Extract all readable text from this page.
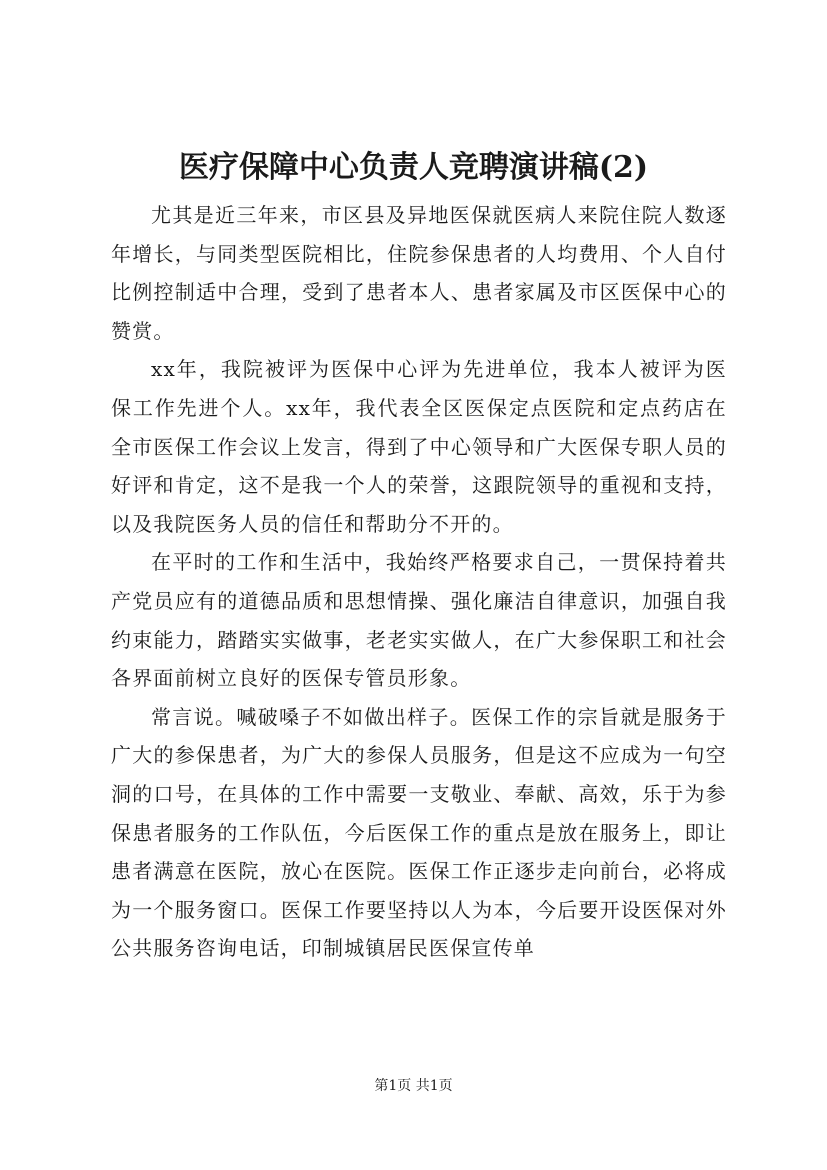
医疗保障中心负责人竞聘演讲稿(2)

尤其是近三年来，市区县及异地医保就医病人来院住院人数逐年增长，与同类型医院相比，住院参保患者的人均费用、个人自付比例控制适中合理，受到了患者本人、患者家属及市区医保中心的赞赏。

xx年，我院被评为医保中心评为先进单位，我本人被评为医保工作先进个人。xx年，我代表全区医保定点医院和定点药店在全市医保工作会议上发言，得到了中心领导和广大医保专职人员的好评和肯定，这不是我一个人的荣誉，这跟院领导的重视和支持，以及我院医务人员的信任和帮助分不开的。

在平时的工作和生活中，我始终严格要求自己，一贯保持着共产党员应有的道德品质和思想情操、强化廉洁自律意识，加强自我约束能力，踏踏实实做事，老老实实做人，在广大参保职工和社会各界面前树立良好的医保专管员形象。

常言说。喊破嗓子不如做出样子。医保工作的宗旨就是服务于广大的参保患者，为广大的参保人员服务，但是这不应成为一句空洞的口号，在具体的工作中需要一支敬业、奉献、高效，乐于为参保患者服务的工作队伍，今后医保工作的重点是放在服务上，即让患者满意在医院，放心在医院。医保工作正逐步走向前台，必将成为一个服务窗口。医保工作要坚持以人为本，今后要开设医保对外公共服务咨询电话，印制城镇居民医保宣传单

第1页 共1页
